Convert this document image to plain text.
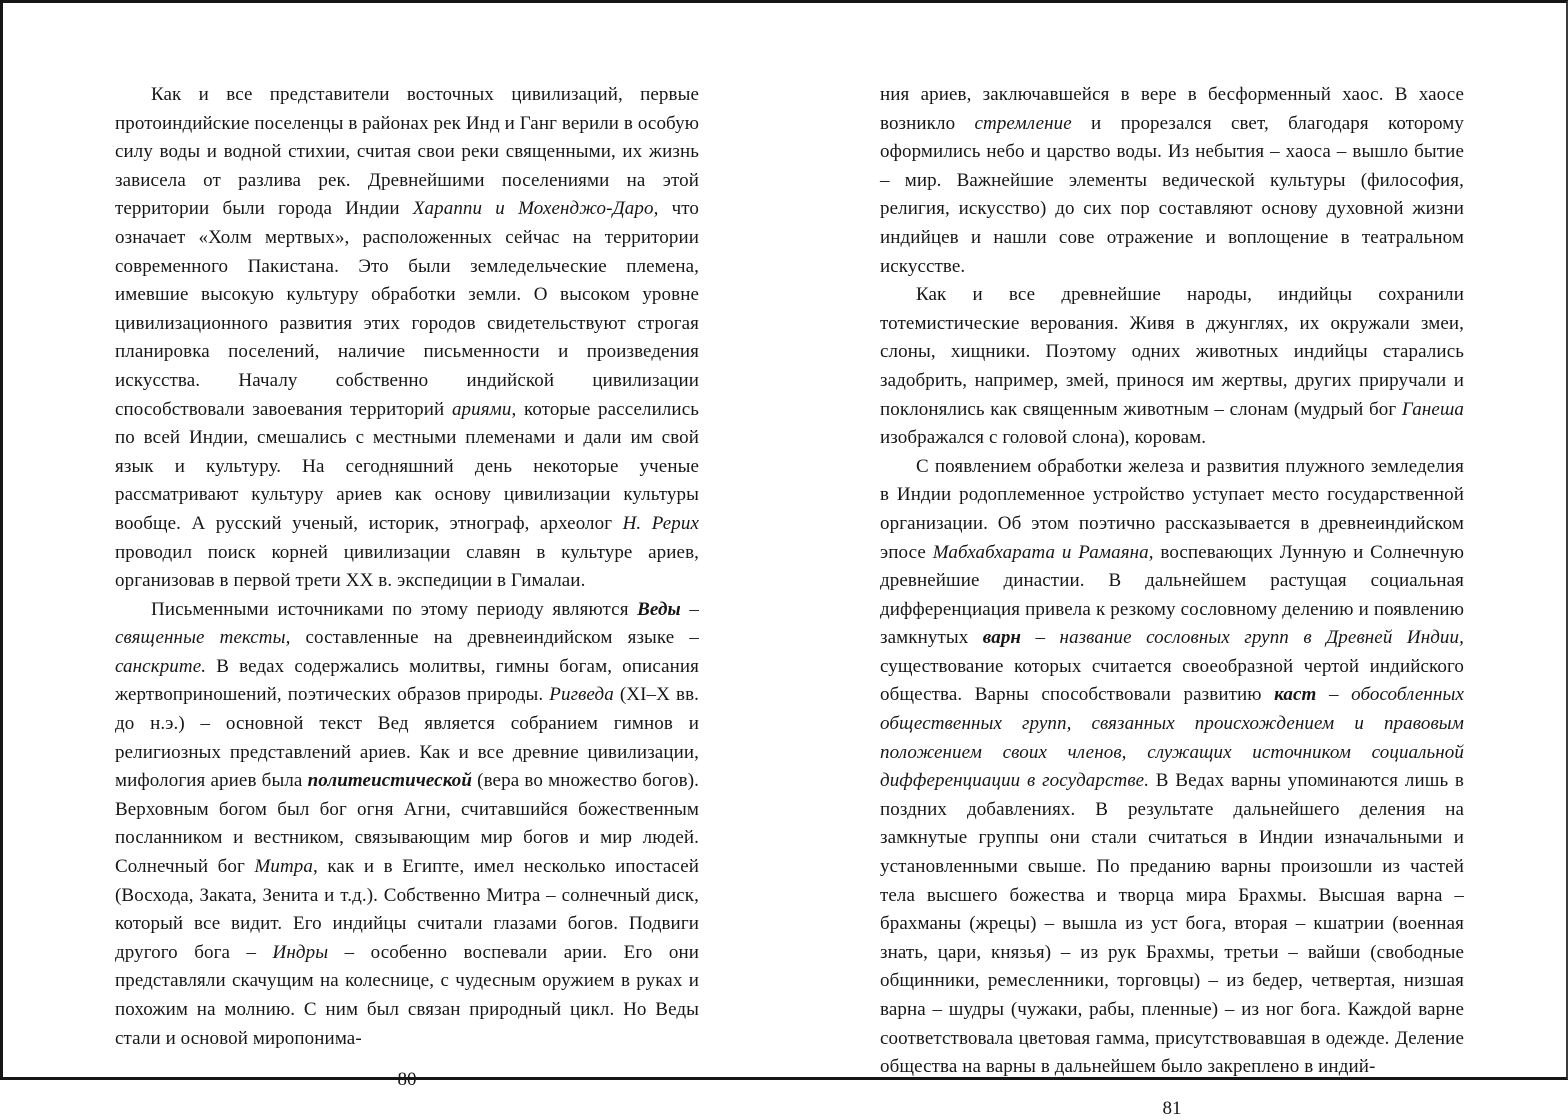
Как и все представители восточных цивилизаций, первые протоиндийские поселенцы в районах рек Инд и Ганг верили в особую силу воды и водной стихии, считая свои реки священными, их жизнь зависела от разлива рек. Древнейшими поселениями на этой территории были города Индии Хараппи и Мохенджо-Даро, что означает «Холм мертвых», расположенных сейчас на территории современного Пакистана. Это были земледельческие племена, имевшие высокую культуру обработки земли. О высоком уровне цивилизационного развития этих городов свидетельствуют строгая планировка поселений, наличие письменности и произведения искусства. Началу собственно индийской цивилизации способствовали завоевания территорий ариями, которые расселились по всей Индии, смешались с местными племенами и дали им свой язык и культуру. На сегодняшний день некоторые ученые рассматривают культуру ариев как основу цивилизации культуры вообще. А русский ученый, историк, этнограф, археолог Н. Рерих проводил поиск корней цивилизации славян в культуре ариев, организовав в первой трети XX в. экспедиции в Гималаи.
Письменными источниками по этому периоду являются Веды – священные тексты, составленные на древнеиндийском языке – санскрите. В ведах содержались молитвы, гимны богам, описания жертвоприношений, поэтических образов природы. Ригведа (XI–X вв. до н.э.) – основной текст Вед является собранием гимнов и религиозных представлений ариев. Как и все древние цивилизации, мифология ариев была политеистической (вера во множество богов). Верховным богом был бог огня Агни, считавшийся божественным посланником и вестником, связывающим мир богов и мир людей. Солнечный бог Митра, как и в Египте, имел несколько ипостасей (Восхода, Заката, Зенита и т.д.). Собственно Митра – солнечный диск, который все видит. Его индийцы считали глазами богов. Подвиги другого бога – Индры – особенно воспевали арии. Его они представляли скачущим на колеснице, с чудесным оружием в руках и похожим на молнию. С ним был связан природный цикл. Но Веды стали и основой миропонима-
80
ния ариев, заключавшейся в вере в бесформенный хаос. В хаосе возникло стремление и прорезался свет, благодаря которому оформились небо и царство воды. Из небытия – хаоса – вышло бытие – мир. Важнейшие элементы ведической культуры (философия, религия, искусство) до сих пор составляют основу духовной жизни индийцев и нашли сове отражение и воплощение в театральном искусстве.
Как и все древнейшие народы, индийцы сохранили тотемистические верования. Живя в джунглях, их окружали змеи, слоны, хищники. Поэтому одних животных индийцы старались задобрить, например, змей, принося им жертвы, других приручали и поклонялись как священным животным – слонам (мудрый бог Ганеша изображался с головой слона), коровам.
С появлением обработки железа и развития плужного земледелия в Индии родоплеменное устройство уступает место государственной организации. Об этом поэтично рассказывается в древнеиндийском эпосе Мабхабхарата и Рамаяна, воспевающих Лунную и Солнечную древнейшие династии. В дальнейшем растущая социальная дифференциация привела к резкому сословному делению и появлению замкнутых варн – название сословных групп в Древней Индии, существование которых считается своеобразной чертой индийского общества. Варны способствовали развитию каст – обособленных общественных групп, связанных происхождением и правовым положением своих членов, служащих источником социальной дифференциации в государстве. В Ведах варны упоминаются лишь в поздних добавлениях. В результате дальнейшего деления на замкнутые группы они стали считаться в Индии изначальными и установленными свыше. По преданию варны произошли из частей тела высшего божества и творца мира Брахмы. Высшая варна – брахманы (жрецы) – вышла из уст бога, вторая – кшатрии (военная знать, цари, князья) – из рук Брахмы, третьи – вайши (свободные общинники, ремесленники, торговцы) – из бедер, четвертая, низшая варна – шудры (чужаки, рабы, пленные) – из ног бога. Каждой варне соответствовала цветовая гамма, присутствовавшая в одежде. Деление общества на варны в дальнейшем было закреплено в индий-
81
